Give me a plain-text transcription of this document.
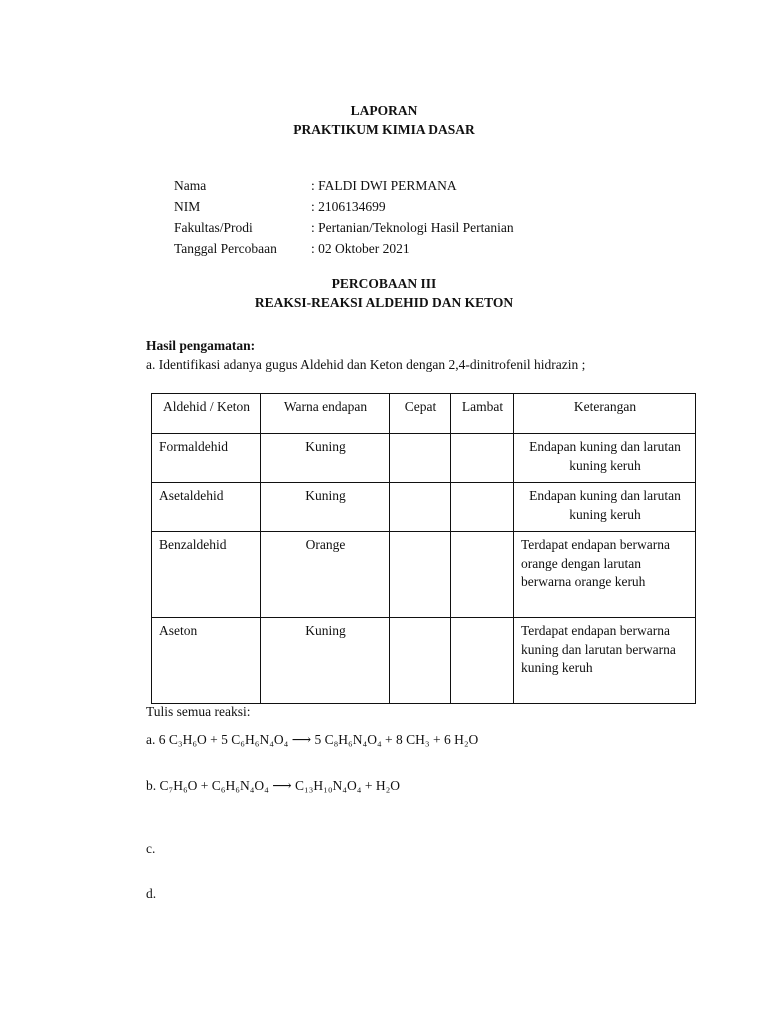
LAPORAN
PRAKTIKUM KIMIA DASAR
Nama	: FALDI DWI PERMANA
NIM	: 2106134699
Fakultas/Prodi	: Pertanian/Teknologi Hasil Pertanian
Tanggal Percobaan	: 02 Oktober 2021
PERCOBAAN III
REAKSI-REAKSI ALDEHID DAN KETON
Hasil pengamatan:
a. Identifikasi adanya gugus Aldehid dan Keton dengan 2,4-dinitrofenil hidrazin ;
Aldehid / Keton	Warna endapan	Cepat	Lambat	Keterangan
Formaldehid	Kuning			Endapan kuning dan larutan kuning keruh
Asetaldehid	Kuning			Endapan kuning dan larutan kuning keruh
Benzaldehid	Orange			Terdapat endapan berwarna orange dengan larutan berwarna orange keruh
Aseton	Kuning			Terdapat endapan berwarna kuning dan larutan berwarna kuning keruh
Tulis semua reaksi:
a. 6 C₃H₆O + 5 C₆H₆N₄O₄ ⟶ 5 C₈H₆N₄O₄ + 8 CH₃ + 6 H₂O
b. C₇H₆O + C₆H₆N₄O₄ ⟶ C₁₃H₁₀N₄O₄ + H₂O
c.
d.
